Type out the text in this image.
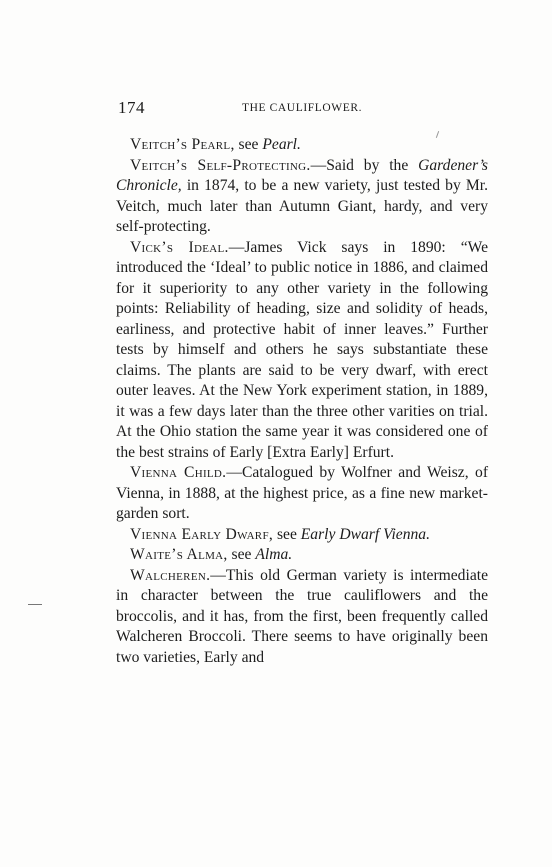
174	THE CAULIFLOWER.

Veitch’s Pearl, see Pearl.

Veitch’s Self-Protecting.—Said by the Gardener’s Chronicle, in 1874, to be a new variety, just tested by Mr. Veitch, much later than Autumn Giant, hardy, and very self-protecting.

Vick’s Ideal.—James Vick says in 1890: “We introduced the ‘Ideal’ to public notice in 1886, and claimed for it superiority to any other variety in the following points: Reliability of heading, size and solidity of heads, earliness, and protective habit of inner leaves.” Further tests by himself and others he says substantiate these claims. The plants are said to be very dwarf, with erect outer leaves. At the New York experiment station, in 1889, it was a few days later than the three other varities on trial. At the Ohio station the same year it was considered one of the best strains of Early [Extra Early] Erfurt.

Vienna Child.—Catalogued by Wolfner and Weisz, of Vienna, in 1888, at the highest price, as a fine new market-garden sort.

Vienna Early Dwarf, see Early Dwarf Vienna.

Waite’s Alma, see Alma.

Walcheren.—This old German variety is intermediate in character between the true cauliflowers and the broccolis, and it has, from the first, been frequently called Walcheren Broccoli. There seems to have originally been two varieties, Early and
